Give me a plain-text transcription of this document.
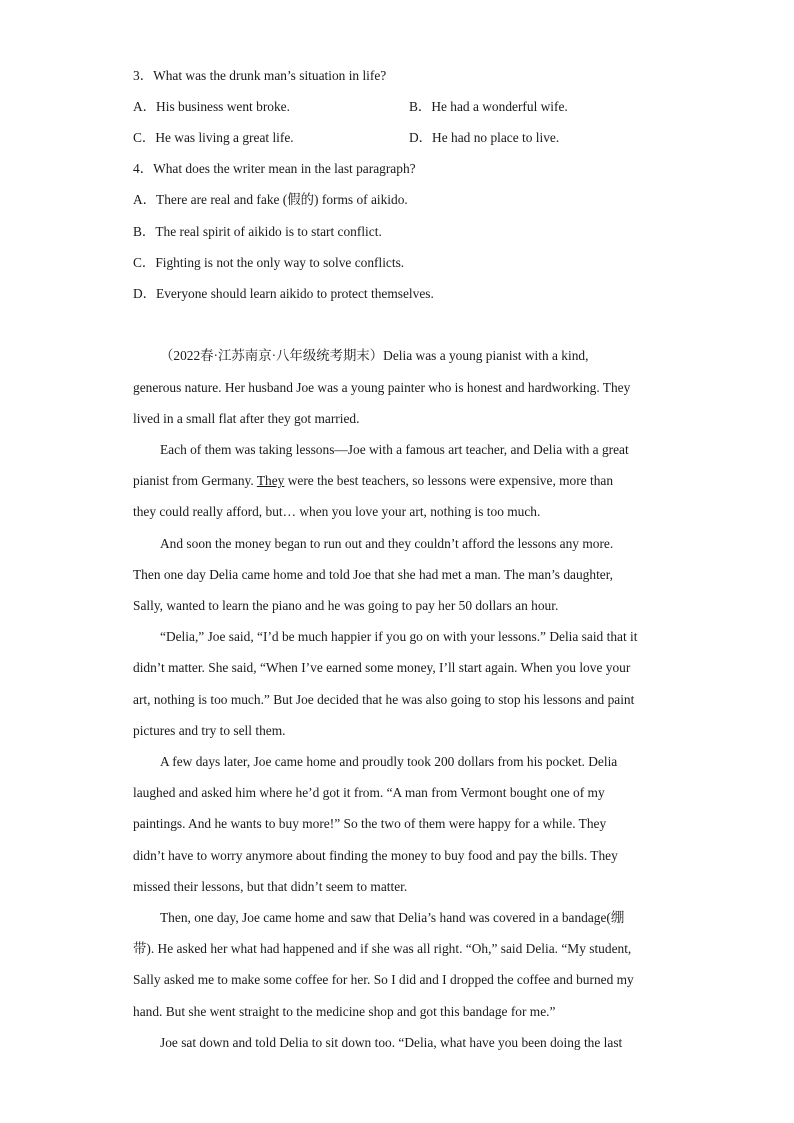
3．What was the drunk man’s situation in life?
A．His business went broke.	B．He had a wonderful wife.
C．He was living a great life.	D．He had no place to live.
4．What does the writer mean in the last paragraph?
A．There are real and fake (假的) forms of aikido.
B．The real spirit of aikido is to start conflict.
C．Fighting is not the only way to solve conflicts.
D．Everyone should learn aikido to protect themselves.
（2022春·江苏南京·八年级统考期末）Delia was a young pianist with a kind,
generous nature. Her husband Joe was a young painter who is honest and hardworking. They
lived in a small flat after they got married.
Each of them was taking lessons—Joe with a famous art teacher, and Delia with a great
pianist from Germany. They were the best teachers, so lessons were expensive, more than
they could really afford, but… when you love your art, nothing is too much.
And soon the money began to run out and they couldn’t afford the lessons any more.
Then one day Delia came home and told Joe that she had met a man. The man’s daughter,
Sally, wanted to learn the piano and he was going to pay her 50 dollars an hour.
“Delia,” Joe said, “I’d be much happier if you go on with your lessons.” Delia said that it
didn’t matter. She said, “When I’ve earned some money, I’ll start again. When you love your
art, nothing is too much.” But Joe decided that he was also going to stop his lessons and paint
pictures and try to sell them.
A few days later, Joe came home and proudly took 200 dollars from his pocket. Delia
laughed and asked him where he’d got it from. “A man from Vermont bought one of my
paintings. And he wants to buy more!” So the two of them were happy for a while. They
didn’t have to worry anymore about finding the money to buy food and pay the bills. They
missed their lessons, but that didn’t seem to matter.
Then, one day, Joe came home and saw that Delia’s hand was covered in a bandage(绷
带). He asked her what had happened and if she was all right. “Oh,” said Delia. “My student,
Sally asked me to make some coffee for her. So I did and I dropped the coffee and burned my
hand. But she went straight to the medicine shop and got this bandage for me.”
Joe sat down and told Delia to sit down too. “Delia, what have you been doing the last
